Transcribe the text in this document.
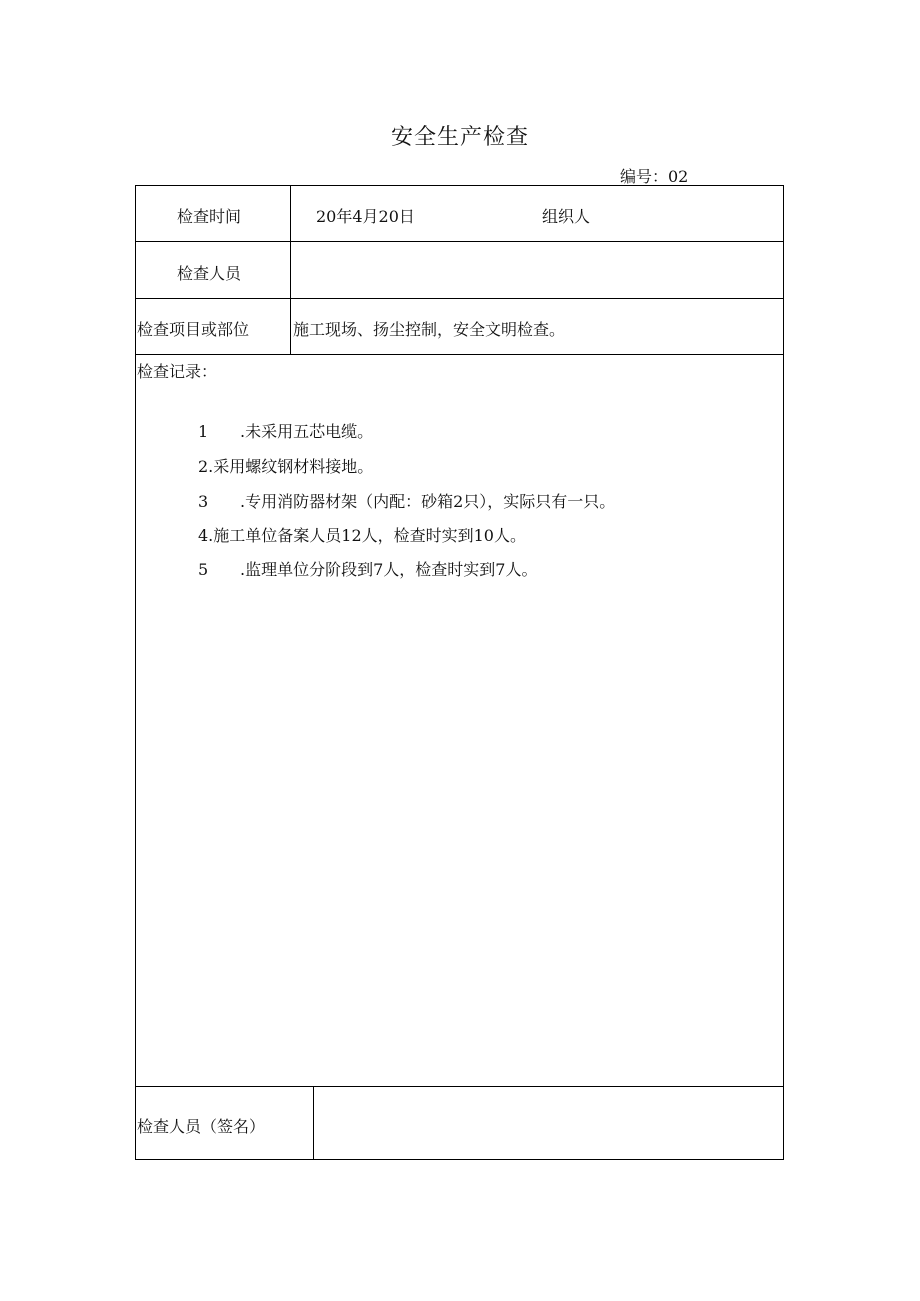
安全生产检查
编号：02
检查时间	20年4月20日	组织人
检查人员
检查项目或部位	施工现场、扬尘控制，安全文明检查。
检查记录：
1 .未采用五芯电缆。
2.采用螺纹钢材料接地。
3 .专用消防器材架（内配：砂箱2只），实际只有一只。
4.施工单位备案人员12人，检查时实到10人。
5 .监理单位分阶段到7人，检查时实到7人。
检查人员（签名）
